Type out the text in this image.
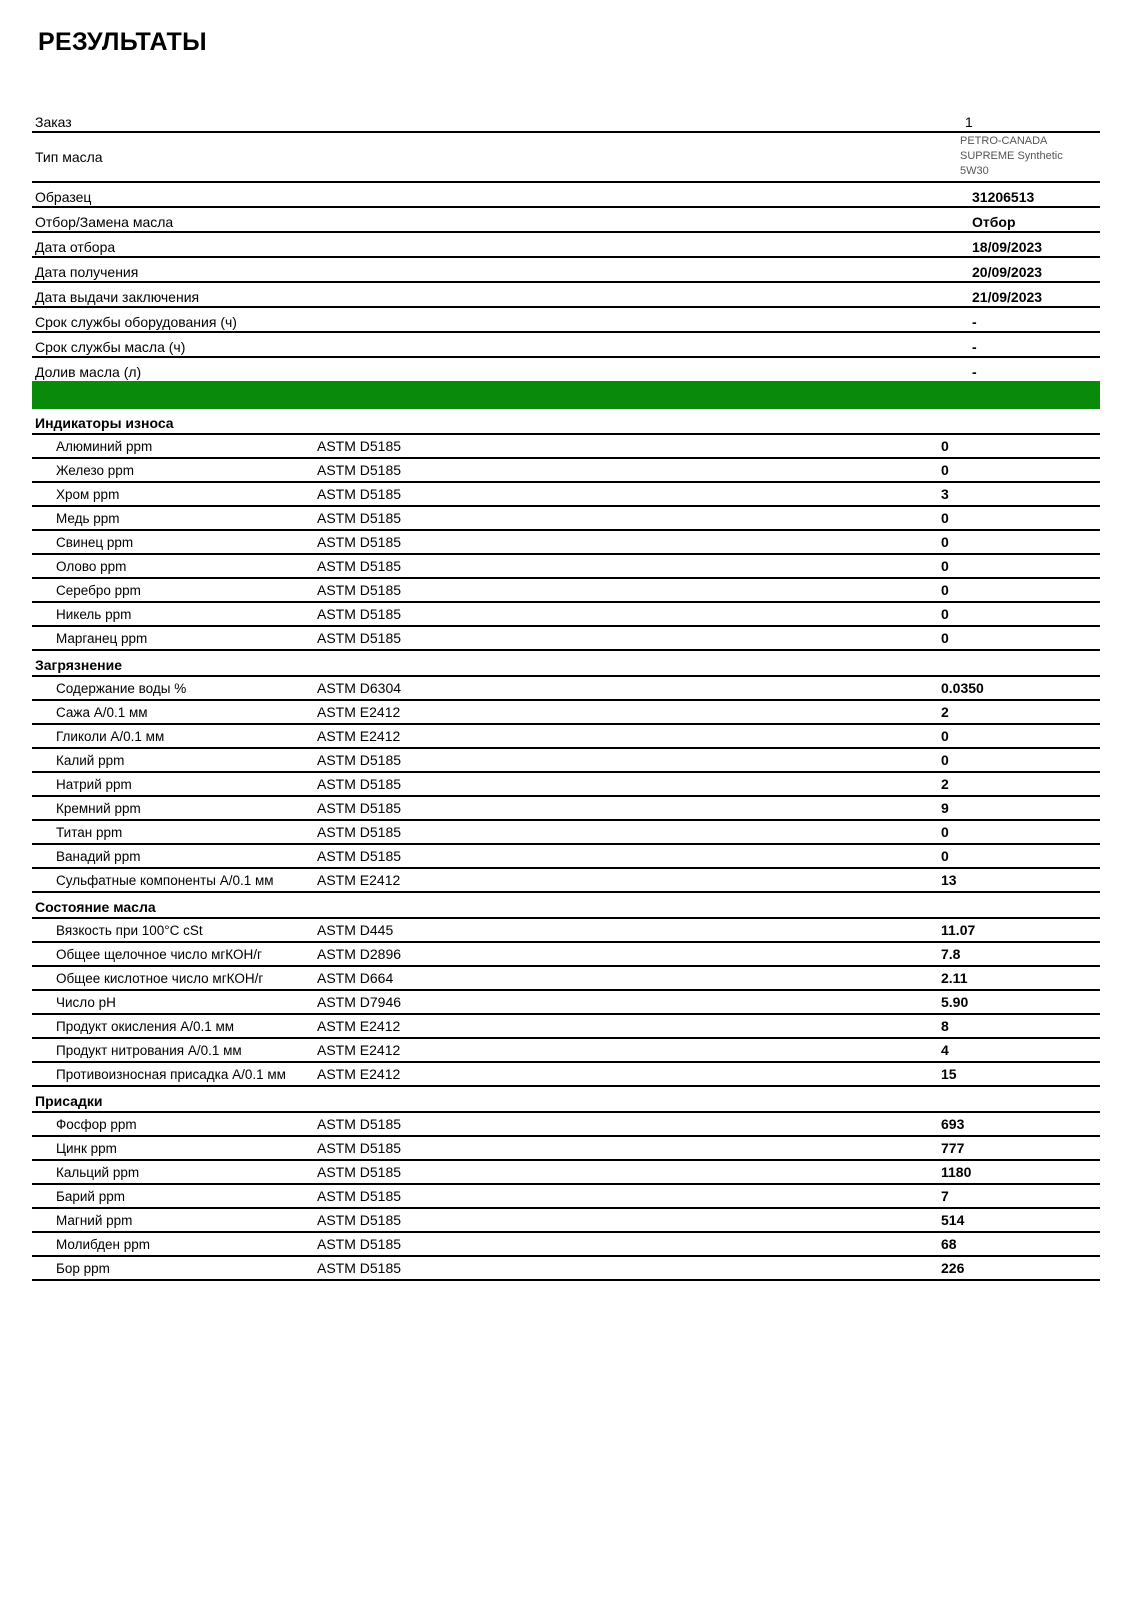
РЕЗУЛЬТАТЫ
Заказ	1
Тип масла
PETRO-CANADA
SUPREME Synthetic
5W30
Образец	31206513
Отбор/Замена масла	Отбор
Дата отбора	18/09/2023
Дата получения	20/09/2023
Дата выдачи заключения	21/09/2023
Срок службы оборудования (ч)	-
Срок службы масла (ч)	-
Долив масла (л)	-
Индикаторы износа
Алюминий ppm	ASTM D5185	0
Железо ppm	ASTM D5185	0
Хром ppm	ASTM D5185	3
Медь ppm	ASTM D5185	0
Свинец ppm	ASTM D5185	0
Олово ppm	ASTM D5185	0
Серебро ppm	ASTM D5185	0
Никель ppm	ASTM D5185	0
Марганец ppm	ASTM D5185	0
Загрязнение
Содержание воды %	ASTM D6304	0.0350
Сажа A/0.1 мм	ASTM E2412	2
Гликоли A/0.1 мм	ASTM E2412	0
Калий ppm	ASTM D5185	0
Натрий ppm	ASTM D5185	2
Кремний ppm	ASTM D5185	9
Титан ppm	ASTM D5185	0
Ванадий ppm	ASTM D5185	0
Сульфатные компоненты A/0.1 мм	ASTM E2412	13
Состояние масла
Вязкость при 100°C cSt	ASTM D445	11.07
Общее щелочное число мгКОН/г	ASTM D2896	7.8
Общее кислотное число мгКОН/г	ASTM D664	2.11
Число pH	ASTM D7946	5.90
Продукт окисления A/0.1 мм	ASTM E2412	8
Продукт нитрования A/0.1 мм	ASTM E2412	4
Противоизносная присадка A/0.1 мм ASTM E2412	15
Присадки
Фосфор ppm	ASTM D5185	693
Цинк ppm	ASTM D5185	777
Кальций ppm	ASTM D5185	1180
Барий ppm	ASTM D5185	7
Магний ppm	ASTM D5185	514
Молибден ppm	ASTM D5185	68
Бор ppm	ASTM D5185	226
